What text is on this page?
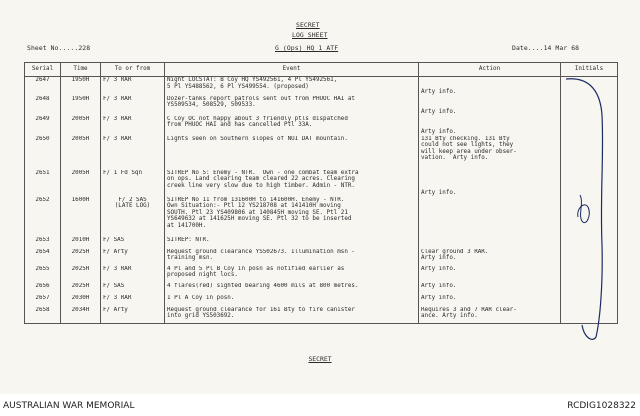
SECRET
LOG SHEET
G (Ops) HQ 1 ATF
Sheet No.....228	Date....14 Mar 68
Serial	Time	To or from	Event	Action	Initials
2647	1950H	F/ 3 RAR	Night LOCSTAT: B Coy HQ YS492561, 4 Pl YS492561,
5 Pl YS488562, 6 Pl YS499554. (proposed)	Arty info.	
2648	1950H	F/ 3 RAR	Dozer-tanks report patrols sent out from PHUOC HAI at
YS509534, 508529, 509533.	Arty info.	
2649	2005H	F/ 3 RAR	C Coy OC not happy about 3 friendly ptls dispatched
from PHUOC HAI and has cancelled Ptl 33A.	Arty info.	
2650	2005H	F/ 3 RAR	Lights seen on Southern slopes of NUI DAT mountain.	131 Bty checking. 131 Bty
could not see lights, they
will keep area under obser-
vation.  Arty info.	
2651	2005H	F/ 1 Fd Sqn	SITREP No 5: Enemy - NTR.  Own - one combat team extra
on ops. Land clearing team cleared 22 acres. Clearing
creek line very slow due to high timber. Admin - NTR.	Arty info.	
2652	1600H	F/ 2 SAS
(LATE LOG)	SITREP No 11 from 131600H to 141600H. Enemy - NTR.
Own Situation:- Ptl 12 YS218708 at 141410H moving
SOUTH. Ptl 23 YS409806 at 140845H moving SE. Ptl 21
YS649632 at 141625H moving SE. Ptl 32 to be inserted
at 141700H.		
2653	2010H	F/ SAS	SITREP: NTR.		
2654	2025H	F/ Arty	Request ground clearance YS502673. Illumination msn -
training msn.	Clear ground 3 RAR.
Arty info.	
2655	2025H	F/ 3 RAR	4 Pl and 5 Pl B Coy in posn as notified earlier as
proposed night locs.	Arty info.	
2656	2025H	F/ SAS	4 flares(red) sighted bearing 4600 mils at 800 metres.	Arty info.	
2657	2030H	F/ 3 RAR	1 Pl A Coy in posn.	Arty info.	
2658	2034H	F/ Arty	Request ground clearance for 161 Bty to fire canister
into grid YS503692.	Requires 3 and 7 RAR clear-
ance. Arty info.	
SECRET
AUSTRALIAN WAR MEMORIAL	RCDIG1028322
